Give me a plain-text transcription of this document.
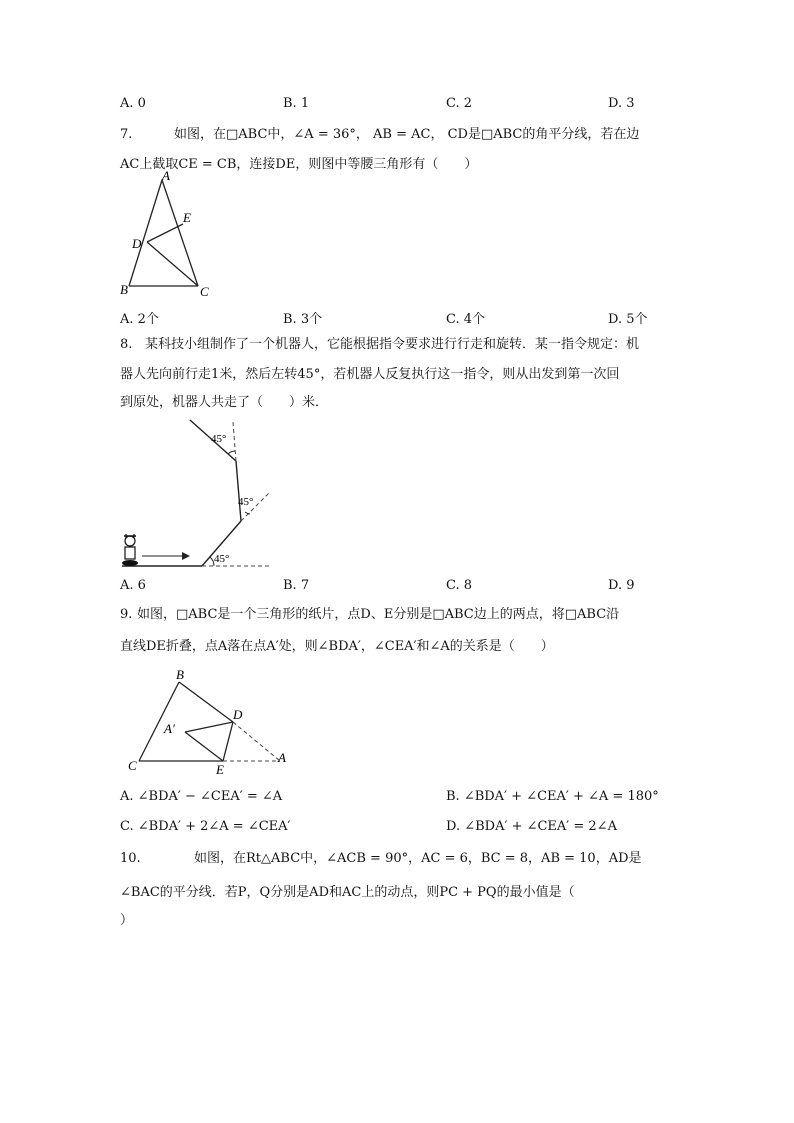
A. 0	B. 1	C. 2	D. 3
7.	如图，在□ABC中，∠A = 36°， AB = AC， CD是□ABC的角平分线，若在边
AC上截取CE = CB，连接DE，则图中等腰三角形有（　　）
A
E
D
B	C
A. 2个	B. 3个	C. 4个	D. 5个
8. 某科技小组制作了一个机器人，它能根据指令要求进行行走和旋转．某一指令规定：机
器人先向前行走1米，然后左转45°，若机器人反复执行这一指令，则从出发到第一次回
到原处，机器人共走了（　　）米．
45°
45°
45°
A. 6	B. 7	C. 8	D. 9
9. 如图，□ABC是一个三角形的纸片，点D、E分别是□ABC边上的两点，将□ABC沿
直线DE折叠，点A落在点A′处，则∠BDA′，∠CEA′和∠A的关系是（　　）
B
D
A′
C	E
A
A. ∠BDA′ − ∠CEA′ = ∠A	B. ∠BDA′ + ∠CEA′ + ∠A = 180°
C. ∠BDA′ + 2∠A = ∠CEA′	D. ∠BDA′ + ∠CEA′ = 2∠A
10.	如图，在Rt△ABC中，∠ACB = 90°，AC = 6，BC = 8，AB = 10，AD是
∠BAC的平分线．若P，Q分别是AD和AC上的动点，则PC + PQ的最小值是（
）
